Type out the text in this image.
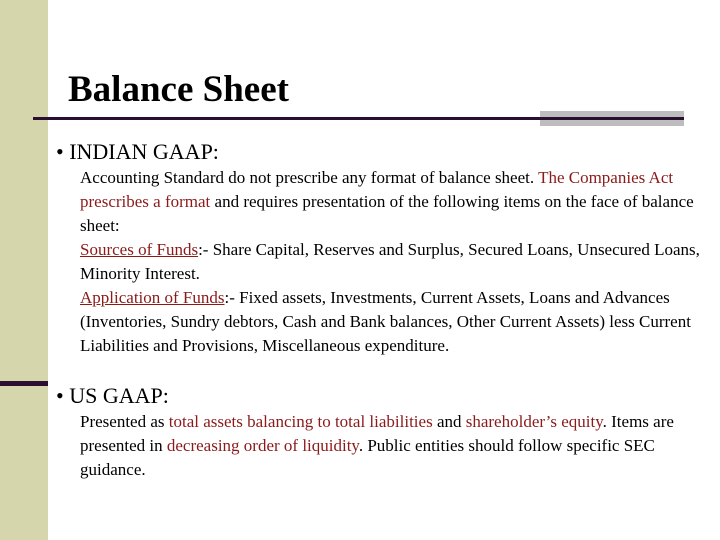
Balance Sheet
• INDIAN GAAP:
Accounting Standard do not prescribe any format of balance sheet. The Companies Act prescribes a format and requires presentation of the following items on the face of balance sheet:
Sources of Funds:- Share Capital, Reserves and Surplus, Secured Loans, Unsecured Loans, Minority Interest.
Application of Funds:- Fixed assets, Investments, Current Assets, Loans and Advances (Inventories, Sundry debtors, Cash and Bank balances, Other Current Assets) less Current Liabilities and Provisions, Miscellaneous expenditure.
• US GAAP:
Presented as total assets balancing to total liabilities and shareholder’s equity. Items are presented in decreasing order of liquidity. Public entities should follow specific SEC guidance.
